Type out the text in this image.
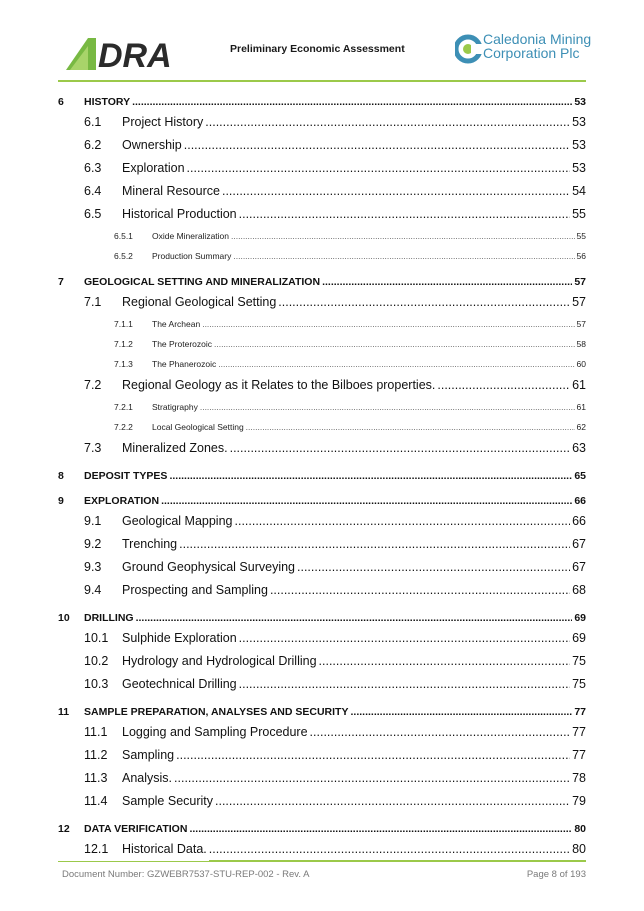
DRA	Preliminary Economic Assessment
Caledonia Mining
Corporation Plc
6	HISTORY .....	53
6.1	Project History .....	53
6.2	Ownership .....	53
6.3	Exploration .....	53
6.4	Mineral Resource .....	54
6.5	Historical Production .....	55
6.5.1	Oxide Mineralization .....	55
6.5.2	Production Summary .....	56
7	GEOLOGICAL SETTING AND MINERALIZATION .....	57
7.1	Regional Geological Setting .....	57
7.1.1	The Archean .....	57
7.1.2	The Proterozoic .....	58
7.1.3	The Phanerozoic .....	60
7.2	Regional Geology as it Relates to the Bilboes properties. .....	61
7.2.1	Stratigraphy .....	61
7.2.2	Local Geological Setting .....	62
7.3	Mineralized Zones. .....	63
8	DEPOSIT TYPES .....	65
9	EXPLORATION .....	66
9.1	Geological Mapping .....	66
9.2	Trenching .....	67
9.3	Ground Geophysical Surveying .....	67
9.4	Prospecting and Sampling .....	68
10	DRILLING .....	69
10.1	Sulphide Exploration .....	69
10.2	Hydrology and Hydrological Drilling .....	75
10.3	Geotechnical Drilling .....	75
11	SAMPLE PREPARATION, ANALYSES AND SECURITY .....	77
11.1	Logging and Sampling Procedure .....	77
11.2	Sampling .....	77
11.3	Analysis. .....	78
11.4	Sample Security .....	79
12	DATA VERIFICATION .....	80
12.1	Historical Data. .....	80
Document Number: GZWEBR7537-STU-REP-002 - Rev. A	Page 8 of 193
